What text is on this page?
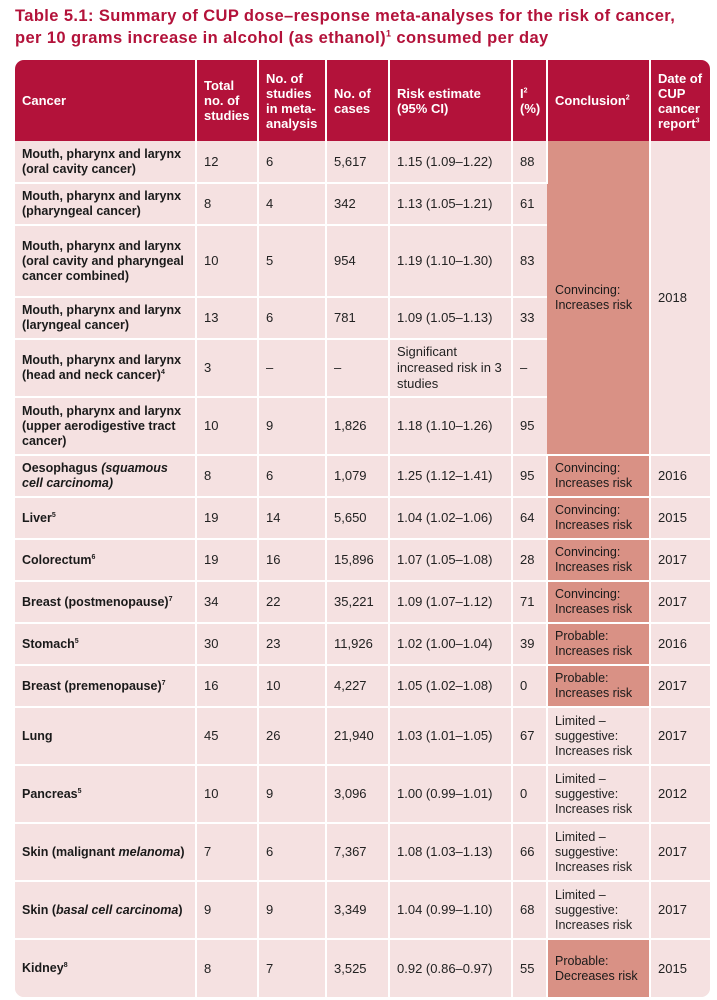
Table 5.1: Summary of CUP dose–response meta-analyses for the risk of cancer, per 10 grams increase in alcohol (as ethanol)$^1$ consumed per day
Cancer	Total no. of studies	No. of studies in meta-analysis	No. of cases	Risk estimate (95% CI)	$I^2$ (%)	Conclusion$^2$	Date of CUP cancer report$^3$
Mouth, pharynx and larynx (oral cavity cancer)	12	6	5,617	1.15 (1.09–1.22)	88	Convincing: Increases risk	2018
Mouth, pharynx and larynx (pharyngeal cancer)	8	4	342	1.13 (1.05–1.21)	61		
Mouth, pharynx and larynx (oral cavity and pharyngeal cancer combined)	10	5	954	1.19 (1.10–1.30)	83		
Mouth, pharynx and larynx (laryngeal cancer)	13	6	781	1.09 (1.05–1.13)	33		
Mouth, pharynx and larynx (head and neck cancer)$^4$	3	–	–	Significant increased risk in 3 studies	–		
Mouth, pharynx and larynx (upper aerodigestive tract cancer)	10	9	1,826	1.18 (1.10–1.26)	95		
Oesophagus (squamous cell carcinoma)	8	6	1,079	1.25 (1.12–1.41)	95	Convincing: Increases risk	2016
Liver$^5$	19	14	5,650	1.04 (1.02–1.06)	64	Convincing: Increases risk	2015
Colorectum$^6$	19	16	15,896	1.07 (1.05–1.08)	28	Convincing: Increases risk	2017
Breast (postmenopause)$^7$	34	22	35,221	1.09 (1.07–1.12)	71	Convincing: Increases risk	2017
Stomach$^5$	30	23	11,926	1.02 (1.00–1.04)	39	Probable: Increases risk	2016
Breast (premenopause)$^7$	16	10	4,227	1.05 (1.02–1.08)	0	Probable: Increases risk	2017
Lung	45	26	21,940	1.03 (1.01–1.05)	67	Limited – suggestive: Increases risk	2017
Pancreas$^5$	10	9	3,096	1.00 (0.99–1.01)	0	Limited – suggestive: Increases risk	2012
Skin (malignant melanoma)	7	6	7,367	1.08 (1.03–1.13)	66	Limited – suggestive: Increases risk	2017
Skin (basal cell carcinoma)	9	9	3,349	1.04 (0.99–1.10)	68	Limited – suggestive: Increases risk	2017
Kidney$^8$	8	7	3,525	0.92 (0.86–0.97)	55	Probable: Decreases risk	2015
